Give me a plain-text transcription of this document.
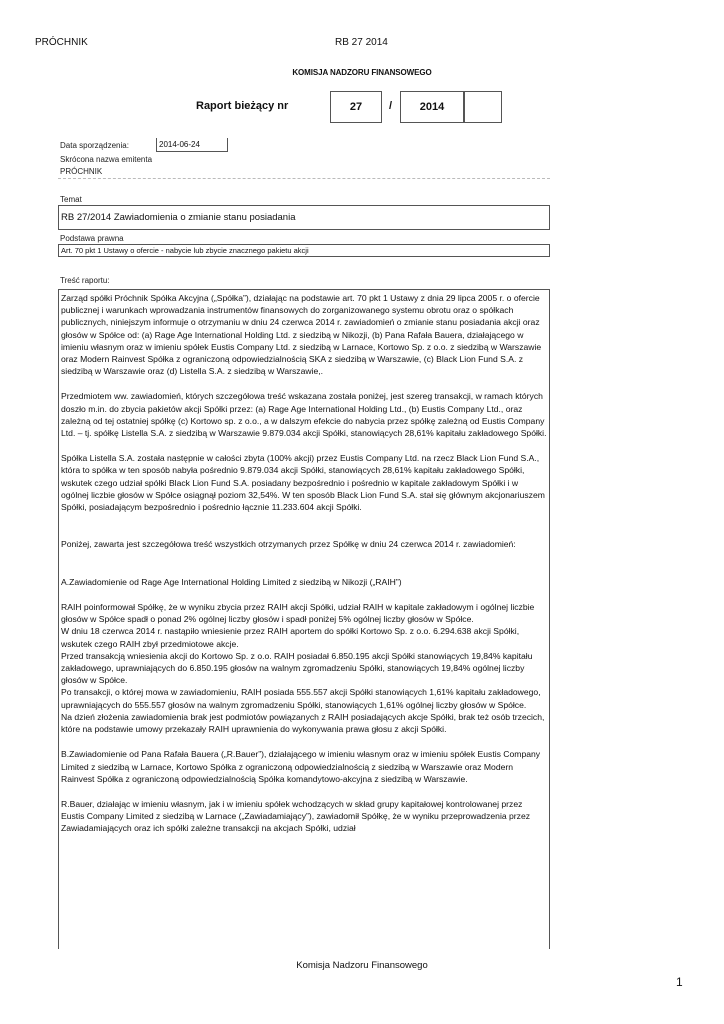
PRÓCHNIK	RB 27 2014
KOMISJA NADZORU FINANSOWEGO
Raport bieżący nr	27 /	2014
Data sporządzenia:	2014-06-24
Skrócona nazwa emitenta
PRÓCHNIK
Temat
RB 27/2014 Zawiadomienia o zmianie stanu posiadania
Podstawa prawna
Art. 70 pkt 1 Ustawy o ofercie - nabycie lub zbycie znacznego pakietu akcji
Treść raportu:

Zarząd spółki Próchnik Spółka Akcyjna („Spółka”), działając na podstawie art. 70 pkt 1 Ustawy z dnia 29 lipca 2005 r. o ofercie publicznej i warunkach wprowadzania instrumentów finansowych do zorganizowanego systemu obrotu oraz o spółkach publicznych, niniejszym informuje o otrzymaniu w dniu 24 czerwca 2014 r. zawiadomień o zmianie stanu posiadania akcji oraz głosów w Spółce od: (a) Rage Age International Holding Ltd. z siedzibą w Nikozji, (b) Pana Rafała Bauera, działającego w imieniu własnym oraz w imieniu spółek Eustis Company Ltd. z siedzibą w Larnace, Kortowo Sp. z o.o. z siedzibą w Warszawie oraz Modern Rainvest Spółka z ograniczoną odpowiedzialnością SKA z siedzibą w Warszawie, (c) Black Lion Fund S.A. z siedzibą w Warszawie oraz (d) Listella S.A. z siedzibą w Warszawie,.

Przedmiotem ww. zawiadomień, których szczegółowa treść wskazana została poniżej, jest szereg transakcji, w ramach których doszło m.in. do zbycia pakietów akcji Spółki przez: (a) Rage Age International Holding Ltd., (b) Eustis Company Ltd., oraz zależną od tej ostatniej spółkę (c) Kortowo sp. z o.o., a w dalszym efekcie do nabycia przez spółkę zależną od Eustis Company Ltd. – tj. spółkę Listella S.A. z siedzibą w Warszawie 9.879.034 akcji Spółki, stanowiących 28,61% kapitału zakładowego Spółki.

Spółka Listella S.A. została następnie w całości zbyta (100% akcji) przez Eustis Company Ltd. na rzecz Black Lion Fund S.A., która to spółka w ten sposób nabyła pośrednio 9.879.034 akcji Spółki, stanowiących 28,61% kapitału zakładowego Spółki, wskutek czego udział spółki Black Lion Fund S.A. posiadany bezpośrednio i pośrednio w kapitale zakładowym Spółki i w ogólnej liczbie głosów w Spółce osiągnął poziom 32,54%. W ten sposób Black Lion Fund S.A. stał się głównym akcjonariuszem Spółki, posiadającym bezpośrednio i pośrednio łącznie 11.233.604 akcji Spółki.

Poniżej, zawarta jest szczegółowa treść wszystkich otrzymanych przez Spółkę w dniu 24 czerwca 2014 r. zawiadomień:

A.Zawiadomienie od Rage Age International Holding Limited z siedzibą w Nikozji („RAIH”)

RAIH poinformował Spółkę, że w wyniku zbycia przez RAIH akcji Spółki, udział RAIH w kapitale zakładowym i ogólnej liczbie głosów w Spółce spadł o ponad 2% ogólnej liczby głosów i spadł poniżej 5% ogólnej liczby głosów w Spółce.
W dniu 18 czerwca 2014 r. nastąpiło wniesienie przez RAIH aportem do spółki Kortowo Sp. z o.o. 6.294.638 akcji Spółki, wskutek czego RAIH zbył przedmiotowe akcje.
Przed transakcją wniesienia akcji do Kortowo Sp. z o.o. RAIH posiadał 6.850.195 akcji Spółki stanowiących 19,84% kapitału zakładowego, uprawniających do 6.850.195 głosów na walnym zgromadzeniu Spółki, stanowiących 19,84% ogólnej liczby głosów w Spółce.
Po transakcji, o której mowa w zawiadomieniu, RAIH posiada 555.557 akcji Spółki stanowiących 1,61% kapitału zakładowego, uprawniających do 555.557 głosów na walnym zgromadzeniu Spółki, stanowiących 1,61% ogólnej liczby głosów w Spółce.
Na dzień złożenia zawiadomienia brak jest podmiotów powiązanych z RAIH posiadających akcje Spółki, brak też osób trzecich, które na podstawie umowy przekazały RAIH uprawnienia do wykonywania prawa głosu z akcji Spółki.

B.Zawiadomienie od Pana Rafała Bauera („R.Bauer”), działającego w imieniu własnym oraz w imieniu spółek Eustis Company Limited z siedzibą w Larnace, Kortowo Spółka z ograniczoną odpowiedzialnością z siedzibą w Warszawie oraz Modern Rainvest Spółka z ograniczoną odpowiedzialnością Spółka komandytowo-akcyjna z siedzibą w Warszawie.

R.Bauer, działając w imieniu własnym, jak i w imieniu spółek wchodzących w skład grupy kapitałowej kontrolowanej przez Eustis Company Limited z siedzibą w Larnace („Zawiadamiający”), zawiadomił Spółkę, że w wyniku przeprowadzenia przez Zawiadamiających oraz ich spółki zależne transakcji na akcjach Spółki, udział

Komisja Nadzoru Finansowego
1
